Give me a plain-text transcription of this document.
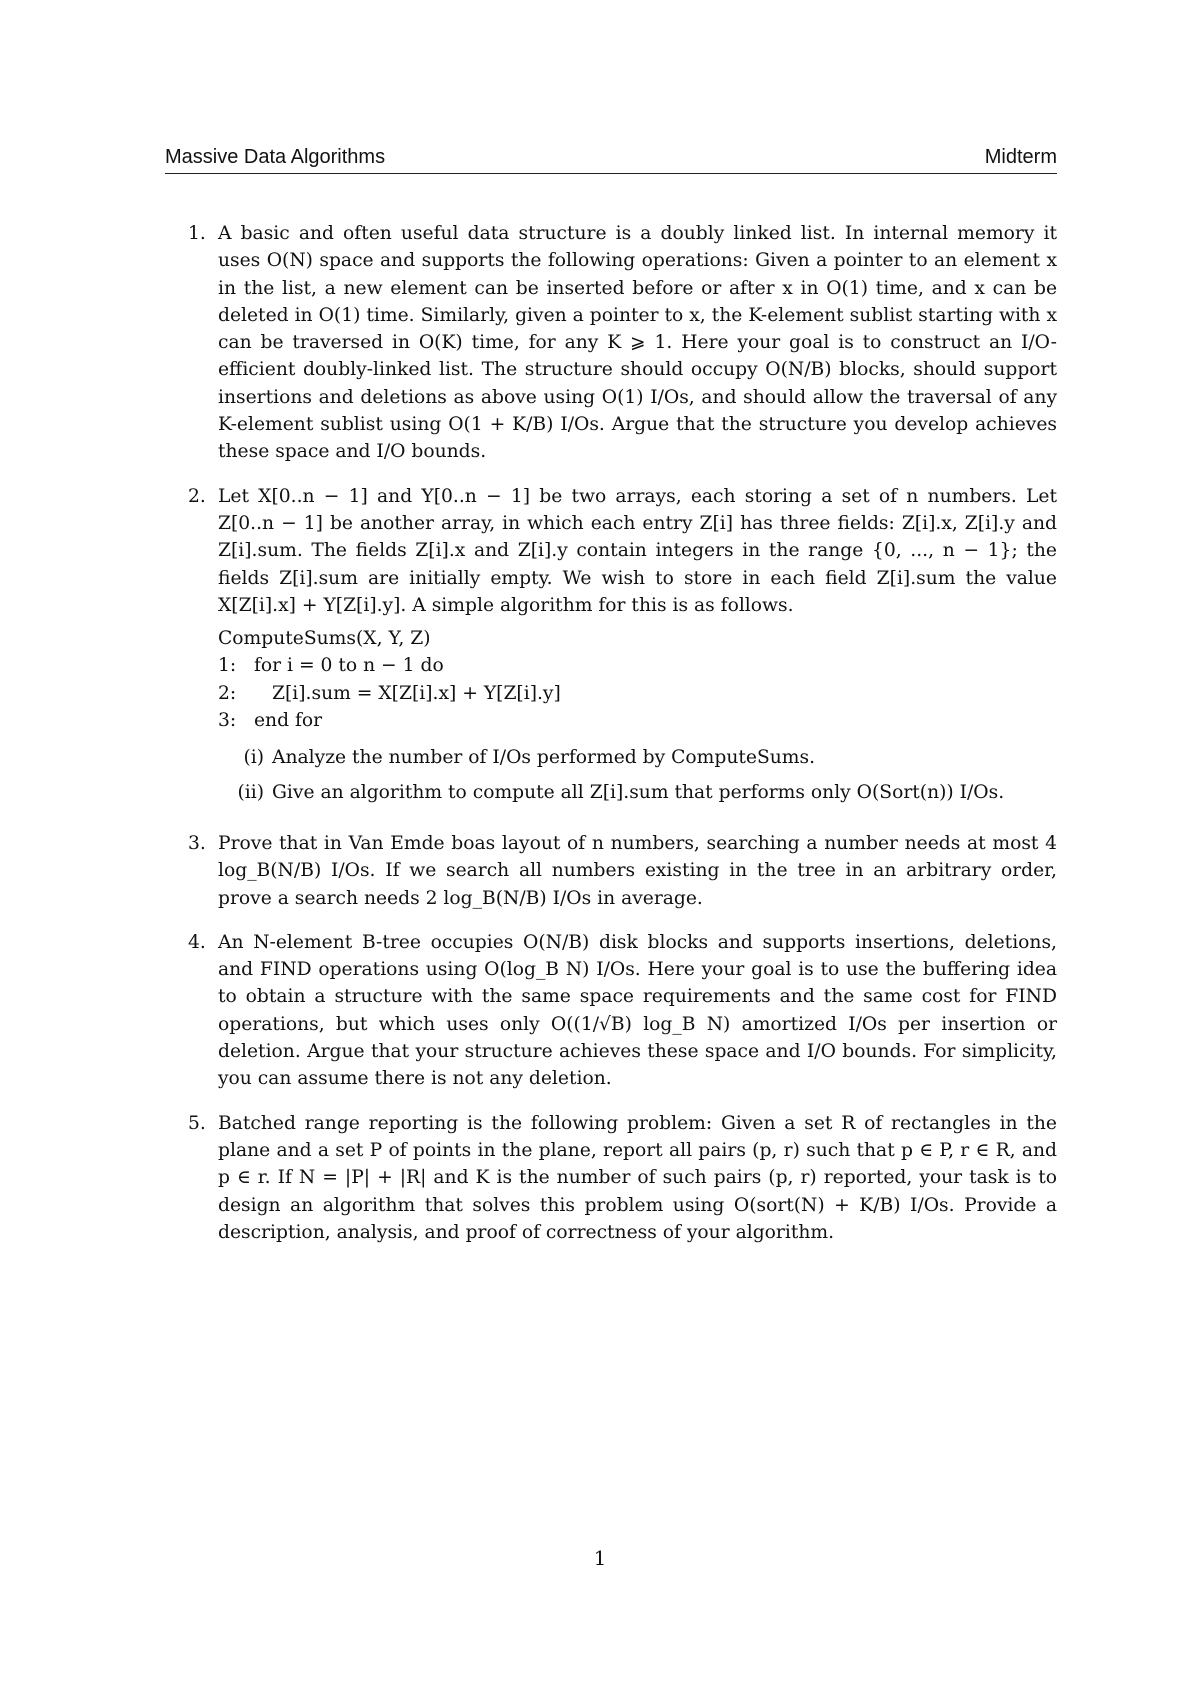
Massive Data Algorithms	Midterm
1. A basic and often useful data structure is a doubly linked list. In internal memory it uses O(N) space and supports the following operations: Given a pointer to an element x in the list, a new element can be inserted before or after x in O(1) time, and x can be deleted in O(1) time. Similarly, given a pointer to x, the K-element sublist starting with x can be traversed in O(K) time, for any K ⩾ 1. Here your goal is to construct an I/O-efficient doubly-linked list. The structure should occupy O(N/B) blocks, should support insertions and deletions as above using O(1) I/Os, and should allow the traversal of any K-element sublist using O(1 + K/B) I/Os. Argue that the structure you develop achieves these space and I/O bounds.
2. Let X[0..n − 1] and Y[0..n − 1] be two arrays, each storing a set of n numbers. Let Z[0..n − 1] be another array, in which each entry Z[i] has three fields: Z[i].x, Z[i].y and Z[i].sum. The fields Z[i].x and Z[i].y contain integers in the range {0, ..., n − 1}; the fields Z[i].sum are initially empty. We wish to store in each field Z[i].sum the value X[Z[i].x] + Y[Z[i].y]. A simple algorithm for this is as follows.
ComputeSums(X, Y, Z)
1: for i = 0 to n − 1 do
2:	Z[i].sum = X[Z[i].x] + Y[Z[i].y]
3: end for
(i) Analyze the number of I/Os performed by ComputeSums.
(ii) Give an algorithm to compute all Z[i].sum that performs only O(Sort(n)) I/Os.
3. Prove that in Van Emde boas layout of n numbers, searching a number needs at most 4 log_B(N/B) I/Os. If we search all numbers existing in the tree in an arbitrary order, prove a search needs 2 log_B(N/B) I/Os in average.
4. An N-element B-tree occupies O(N/B) disk blocks and supports insertions, deletions, and FIND operations using O(log_B N) I/Os. Here your goal is to use the buffering idea to obtain a structure with the same space requirements and the same cost for FIND operations, but which uses only O((1/√B) log_B N) amortized I/Os per insertion or deletion. Argue that your structure achieves these space and I/O bounds. For simplicity, you can assume there is not any deletion.
5. Batched range reporting is the following problem: Given a set R of rectangles in the plane and a set P of points in the plane, report all pairs (p, r) such that p ∈ P, r ∈ R, and p ∈ r. If N = |P| + |R| and K is the number of such pairs (p, r) reported, your task is to design an algorithm that solves this problem using O(sort(N) + K/B) I/Os. Provide a description, analysis, and proof of correctness of your algorithm.
1
